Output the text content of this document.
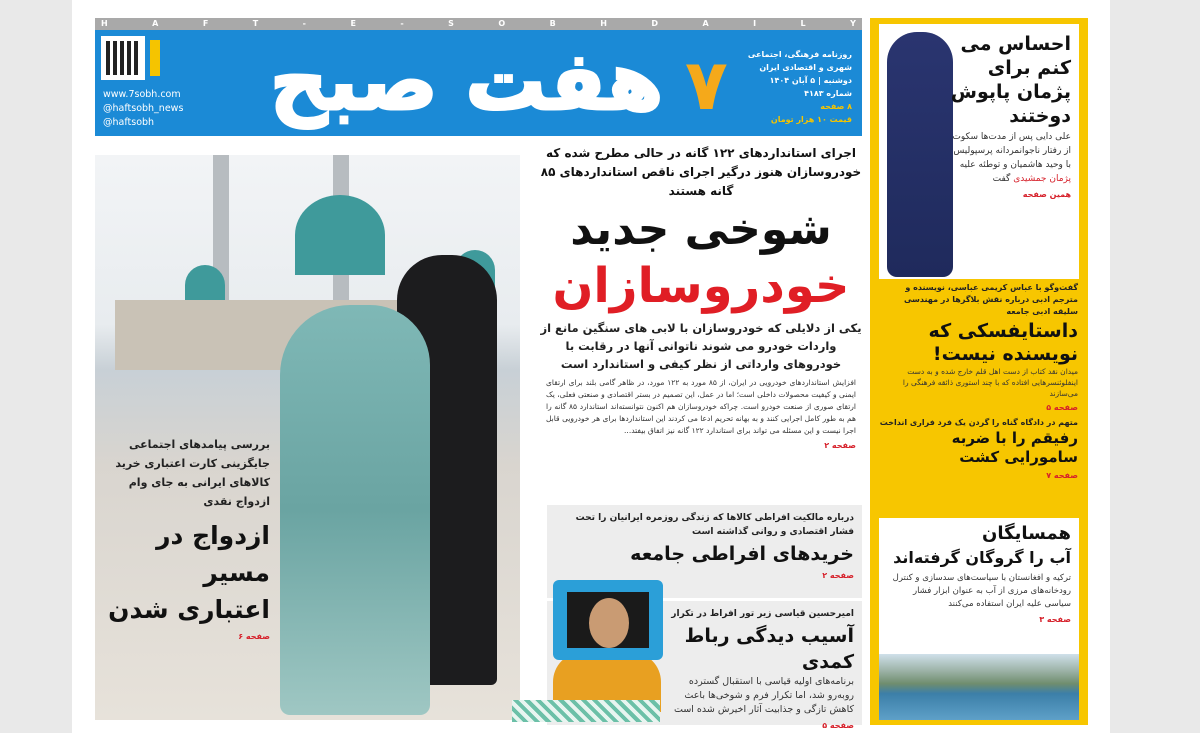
H	A	F	T	-	E	-	S	O	B	H	D	A	I	L	Y
www.7sobh.com
@haftsobh_news
@haftsobh	هفت صبح ۷	روزنامه فرهنگی، اجتماعی
شهری و اقتصادی ایران
دوشنبه | ۵ آبان ۱۴۰۴
شماره ۴۱۸۳
۸ صفحه
قیمت ۱۰ هزار تومان
بررسی پیامدهای اجتماعی جایگزینی کارت اعتباری خرید کالاهای ایرانی به جای وام ازدواج نقدی
ازدواج در مسیر
اعتباری شدن
صفحه ۶
اجرای استانداردهای ۱۲۲ گانه در حالی مطرح شده که خودروسازان هنوز درگیر اجرای ناقص استانداردهای ۸۵ گانه هستند
شوخی جدید
خودروسازان
یکی از دلایلی که خودروسازان با لابی های سنگین مانع از واردات خودرو می شوند ناتوانی آنها در رقابت با خودروهای وارداتی از نظر کیفی و استاندارد است
افزایش استانداردهای خودرویی در ایران، از ۸۵ مورد به ۱۲۲ مورد، در ظاهر گامی بلند برای ارتقای ایمنی و کیفیت محصولات داخلی است؛ اما در عمل، این تصمیم در بستر اقتصادی و صنعتی فعلی، یک ارتقای صوری از صنعت خودرو است. چراکه خودروسازان هم اکنون نتوانسته‌اند استاندارد ۸۵ گانه را هم به طور کامل اجرایی کنند و به بهانه تحریم ادعا می کردند این استانداردها برای هر خودرویی قابل اجرا نیست و این مسئله می تواند برای استاندارد ۱۲۲ گانه نیز اتفاق بیفتد...
صفحه ۲
درباره مالکیت افراطی کالاها که زندگی روزمره ایرانیان را تحت فشار اقتصادی و روانی گذاشته است
خریدهای افراطی جامعه
صفحه ۲
امیرحسین قیاسی زیر تور افراط در تکرار
آسیب دیدگی رباط کمدی
برنامه‌های اولیه قیاسی با استقبال گسترده روبه‌رو شد، اما تکرار فرم و شوخی‌ها باعث کاهش تازگی و جذابیت آثار اخیرش شده است
صفحه ۵
احساس می کنم برای پژمان پاپوش دوختند
علی دایی پس از مدت‌ها سکوت از رفتار ناجوانمردانه پرسپولیس با وحید هاشمیان و توطئه علیه پژمان جمشیدی گفت
همین صفحه
گفت‌وگو با عباس کریمی عباسی، نویسنده و مترجم ادبی درباره نقش بلاگرها در مهندسی سلیقه ادبی جامعه
داستایفسکی که نویسنده نیست!
میدان نقد کتاب از دست اهل قلم خارج شده و به دست اینفلوئنسرهایی افتاده که با چند استوری ذائقه فرهنگی را می‌سازند
صفحه ۵
متهم در دادگاه گناه را گردن یک فرد فراری انداخت
رفیقم را با ضربه سامورایی کشت
صفحه ۷
همسایگان
آب را گروگان گرفته‌اند
ترکیه و افغانستان با سیاست‌های سدسازی و کنترل رودخانه‌های مرزی از آب به عنوان ابزار فشار سیاسی علیه ایران استفاده می‌کنند
صفحه ۳
